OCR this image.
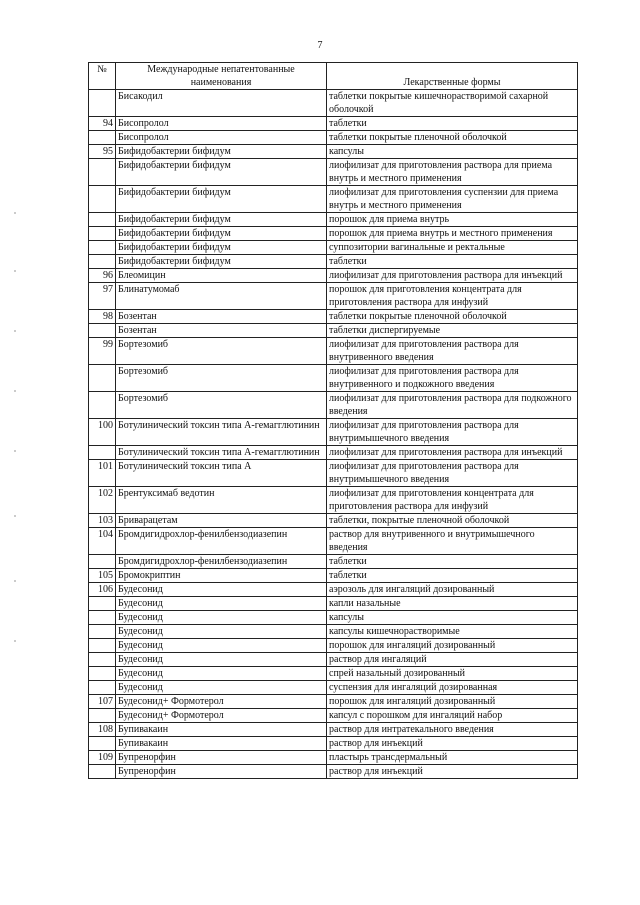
7
№	Международные непатентованные наименования	Лекарственные формы
	Бисакодил	таблетки покрытые кишечнорастворимой сахарной оболочкой
94	Бисопролол	таблетки
	Бисопролол	таблетки покрытые пленочной оболочкой
95	Бифидобактерии бифидум	капсулы
	Бифидобактерии бифидум	лиофилизат для приготовления раствора для приема внутрь и местного применения
	Бифидобактерии бифидум	лиофилизат для приготовления суспензии для приема внутрь и местного применения
	Бифидобактерии бифидум	порошок для приема внутрь
	Бифидобактерии бифидум	порошок для приема внутрь и местного применения
	Бифидобактерии бифидум	суппозитории вагинальные и ректальные
	Бифидобактерии бифидум	таблетки
96	Блеомицин	лиофилизат для приготовления раствора для инъекций
97	Блинатумомаб	порошок для приготовления концентрата для приготовления раствора для инфузий
98	Бозентан	таблетки покрытые пленочной оболочкой
	Бозентан	таблетки диспергируемые
99	Бортезомиб	лиофилизат для приготовления раствора для внутривенного введения
	Бортезомиб	лиофилизат для приготовления раствора для внутривенного и подкожного введения
	Бортезомиб	лиофилизат для приготовления раствора для подкожного введения
100	Ботулинический токсин типа А-гемагглютинин	лиофилизат для приготовления раствора для внутримышечного введения
	Ботулинический токсин типа А-гемагглютинин	лиофилизат для приготовления раствора для инъекций
101	Ботулинический токсин типа А	лиофилизат для приготовления раствора для внутримышечного введения
102	Брентуксимаб ведотин	лиофилизат для приготовления концентрата для приготовления раствора для инфузий
103	Бриварацетам	таблетки, покрытые пленочной оболочкой
104	Бромдигидрохлор-фенилбензодиазепин	раствор для внутривенного и внутримышечного введения
	Бромдигидрохлор-фенилбензодиазепин	таблетки
105	Бромокриптин	таблетки
106	Будесонид	аэрозоль для ингаляций дозированный
	Будесонид	капли назальные
	Будесонид	капсулы
	Будесонид	капсулы кишечнорастворимые
	Будесонид	порошок для ингаляций дозированный
	Будесонид	раствор для ингаляций
	Будесонид	спрей назальный дозированный
	Будесонид	суспензия для ингаляций дозированная
107	Будесонид+ Формотерол	порошок для ингаляций дозированный
	Будесонид+ Формотерол	капсул с порошком для ингаляций набор
108	Бупивакаин	раствор для интратекального введения
	Бупивакаин	раствор для инъекций
109	Бупренорфин	пластырь трансдермальный
	Бупренорфин	раствор для инъекций
